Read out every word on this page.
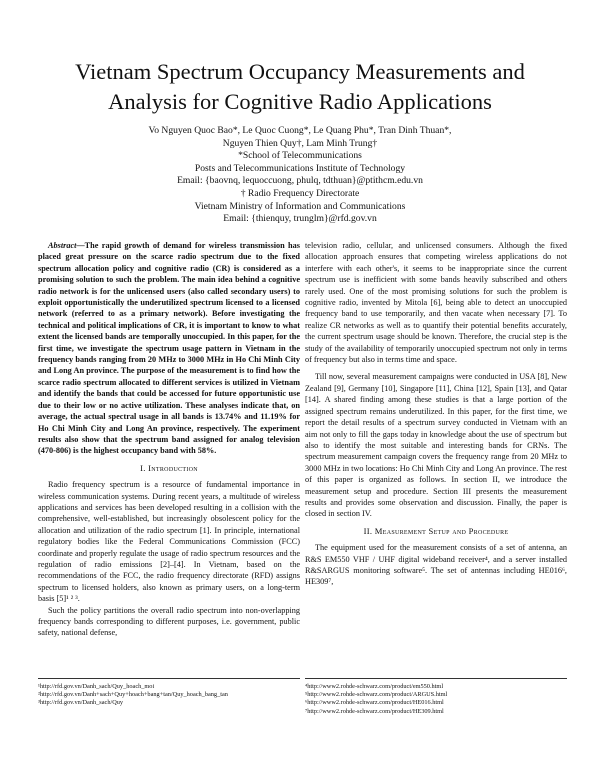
Vietnam Spectrum Occupancy Measurements and
Analysis for Cognitive Radio Applications
Vo Nguyen Quoc Bao*, Le Quoc Cuong*, Le Quang Phu*, Tran Dinh Thuan*,
Nguyen Thien Quy†, Lam Minh Trung†
*School of Telecommunications
Posts and Telecommunications Institute of Technology
Email: {baovnq, lequoccuong, phulq, tdthuan}@ptithcm.edu.vn
† Radio Frequency Directorate
Vietnam Ministry of Information and Communications
Email: {thienquy, trunglm}@rfd.gov.vn

Abstract—The rapid growth of demand for wireless transmission has placed great pressure on the scarce radio spectrum due to the fixed spectrum allocation policy and cognitive radio (CR) is considered as a promising solution to such the problem. The main idea behind a cognitive radio network is for the unlicensed users (also called secondary users) to exploit opportunistically the underutilized spectrum licensed to a licensed network (referred to as a primary network). Before investigating the technical and political implications of CR, it is important to know to what extent the licensed bands are temporally unoccupied. In this paper, for the first time, we investigate the spectrum usage pattern in Vietnam in the frequency bands ranging from 20 MHz to 3000 MHz in Ho Chi Minh City and Long An province. The purpose of the measurement is to find how the scarce radio spectrum allocated to different services is utilized in Vietnam and identify the bands that could be accessed for future opportunistic use due to their low or no active utilization. These analyses indicate that, on average, the actual spectral usage in all bands is 13.74% and 11.19% for Ho Chi Minh City and Long An province, respectively. The experiment results also show that the spectrum band assigned for analog television (470-806) is the highest occupancy band with 58%.

I. Introduction

Radio frequency spectrum is a resource of fundamental importance in wireless communication systems. During recent years, a multitude of wireless applications and services has been developed resulting in a collision with the comprehensive, well-established, but increasingly obsolescent policy for the allocation and utilization of the radio spectrum [1]. In principle, international regulatory bodies like the Federal Communications Commission (FCC) coordinate and properly regulate the usage of radio spectrum resources and the regulation of radio emissions [2]–[4]. In Vietnam, based on the recommendations of the FCC, the radio frequency directorate (RFD) assigns spectrum to licensed holders, also known as primary users, on a long-term basis [5]¹ ² ³.

Such the policy partitions the overall radio spectrum into non-overlapping frequency bands corresponding to different purposes, i.e. government, public safety, national defense,

television radio, cellular, and unlicensed consumers. Although the fixed allocation approach ensures that competing wireless applications do not interfere with each other's, it seems to be inappropriate since the current spectrum use is inefficient with some bands heavily subscribed and others rarely used. One of the most promising solutions for such the problem is cognitive radio, invented by Mitola [6], being able to detect an unoccupied frequency band to use temporarily, and then vacate when necessary [7]. To realize CR networks as well as to quantify their potential benefits accurately, the current spectrum usage should be known. Therefore, the crucial step is the study of the availability of temporarily unoccupied spectrum not only in terms of frequency but also in terms time and space.

Till now, several measurement campaigns were conducted in USA [8], New Zealand [9], Germany [10], Singapore [11], China [12], Spain [13], and Qatar [14]. A shared finding among these studies is that a large portion of the assigned spectrum remains underutilized. In this paper, for the first time, we report the detail results of a spectrum survey conducted in Vietnam with an aim not only to fill the gaps today in knowledge about the use of spectrum but also to identify the most suitable and interesting bands for CRNs. The spectrum measurement campaign covers the frequency range from 20 MHz to 3000 MHz in two locations: Ho Chi Minh City and Long An province. The rest of this paper is organized as follows. In section II, we introduce the measurement setup and procedure. Section III presents the measurement results and provides some observation and discussion. Finally, the paper is closed in section IV.

II. Measurement Setup and Procedure

The equipment used for the measurement consists of a set of antenna, an R&S EM550 VHF / UHF digital wideband receiver⁴, and a server installed R&SARGUS monitoring software⁵. The set of antennas including HE016⁶, HE309⁷,

¹http://rfd.gov.vn/Danh_sach/Quy_hoach_moi
²http://rfd.gov.vn/Danh+sach+Quy+hoach+bang+tan/Quy_hoach_bang_tan
³http://rfd.gov.vn/Danh_sach/Quy
⁴http://www2.rohde-schwarz.com/product/em550.html
⁵http://www2.rohde-schwarz.com/product/ARGUS.html
⁶http://www2.rohde-schwarz.com/product/HE016.html
⁷http://www2.rohde-schwarz.com/product/HE309.html
